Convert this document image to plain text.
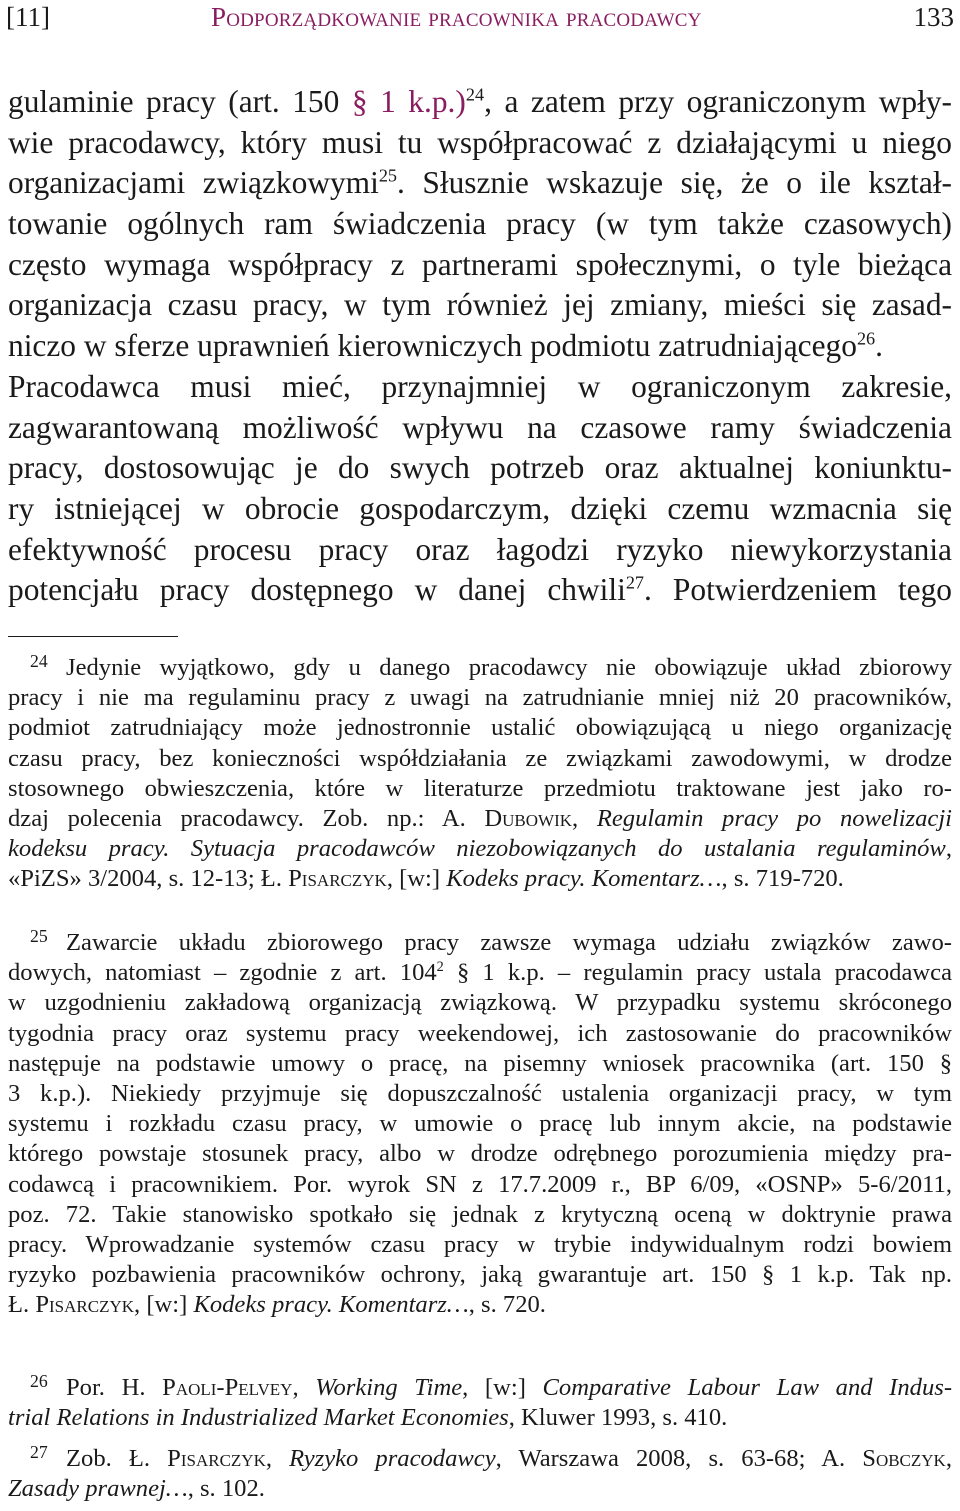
[11]	Podporządkowanie pracownika pracodawcy	133
gulaminie pracy (art. 150 § 1 k.p.)$^{24}$, a zatem przy ograniczonym wpły-
wie pracodawcy, który musi tu współpracować z działającymi u niego
organizacjami związkowymi$^{25}$. Słusznie wskazuje się, że o ile kształ-
towanie ogólnych ram świadczenia pracy (w tym także czasowych)
często wymaga współpracy z partnerami społecznymi, o tyle bieżąca
organizacja czasu pracy, w tym również jej zmiany, mieści się zasad-
niczo w sferze uprawnień kierowniczych podmiotu zatrudniającego$^{26}$.
Pracodawca musi mieć, przynajmniej w ograniczonym zakresie,
zagwarantowaną możliwość wpływu na czasowe ramy świadczenia
pracy, dostosowując je do swych potrzeb oraz aktualnej koniunktu-
ry istniejącej w obrocie gospodarczym, dzięki czemu wzmacnia się
efektywność procesu pracy oraz łagodzi ryzyko niewykorzystania
potencjału pracy dostępnego w danej chwili$^{27}$. Potwierdzeniem tego
24 Jedynie wyjątkowo, gdy u danego pracodawcy nie obowiązuje układ zbiorowy
pracy i nie ma regulaminu pracy z uwagi na zatrudnianie mniej niż 20 pracowników,
podmiot zatrudniający może jednostronnie ustalić obowiązującą u niego organizację
czasu pracy, bez konieczności współdziałania ze związkami zawodowymi, w drodze
stosownego obwieszczenia, które w literaturze przedmiotu traktowane jest jako ro-
dzaj polecenia pracodawcy. Zob. np.: A. Dubowik, Regulamin pracy po nowelizacji
kodeksu pracy. Sytuacja pracodawców niezobowiązanych do ustalania regulaminów,
«PiZS» 3/2004, s. 12-13; Ł. Pisarczyk, [w:] Kodeks pracy. Komentarz…, s. 719-720.
25 Zawarcie układu zbiorowego pracy zawsze wymaga udziału związków zawo-
dowych, natomiast – zgodnie z art. $104^2$ § 1 k.p. – regulamin pracy ustala pracodawca
w uzgodnieniu zakładową organizacją związkową. W przypadku systemu skróconego
tygodnia pracy oraz systemu pracy weekendowej, ich zastosowanie do pracowników
następuje na podstawie umowy o pracę, na pisemny wniosek pracownika (art. 150 §
3 k.p.). Niekiedy przyjmuje się dopuszczalność ustalenia organizacji pracy, w tym
systemu i rozkładu czasu pracy, w umowie o pracę lub innym akcie, na podstawie
którego powstaje stosunek pracy, albo w drodze odrębnego porozumienia między pra-
codawcą i pracownikiem. Por. wyrok SN z 17.7.2009 r., BP 6/09, «OSNP» 5-6/2011,
poz. 72. Takie stanowisko spotkało się jednak z krytyczną oceną w doktrynie prawa
pracy. Wprowadzanie systemów czasu pracy w trybie indywidualnym rodzi bowiem
ryzyko pozbawienia pracowników ochrony, jaką gwarantuje art. 150 § 1 k.p. Tak np.
Ł. Pisarczyk, [w:] Kodeks pracy. Komentarz…, s. 720.
26 Por. H. Paoli-Pelvey, Working Time, [w:] Comparative Labour Law and Indus-
trial Relations in Industrialized Market Economies, Kluwer 1993, s. 410.
27 Zob. Ł. Pisarczyk, Ryzyko pracodawcy, Warszawa 2008, s. 63-68; A. Sobczyk,
Zasady prawnej…, s. 102.
